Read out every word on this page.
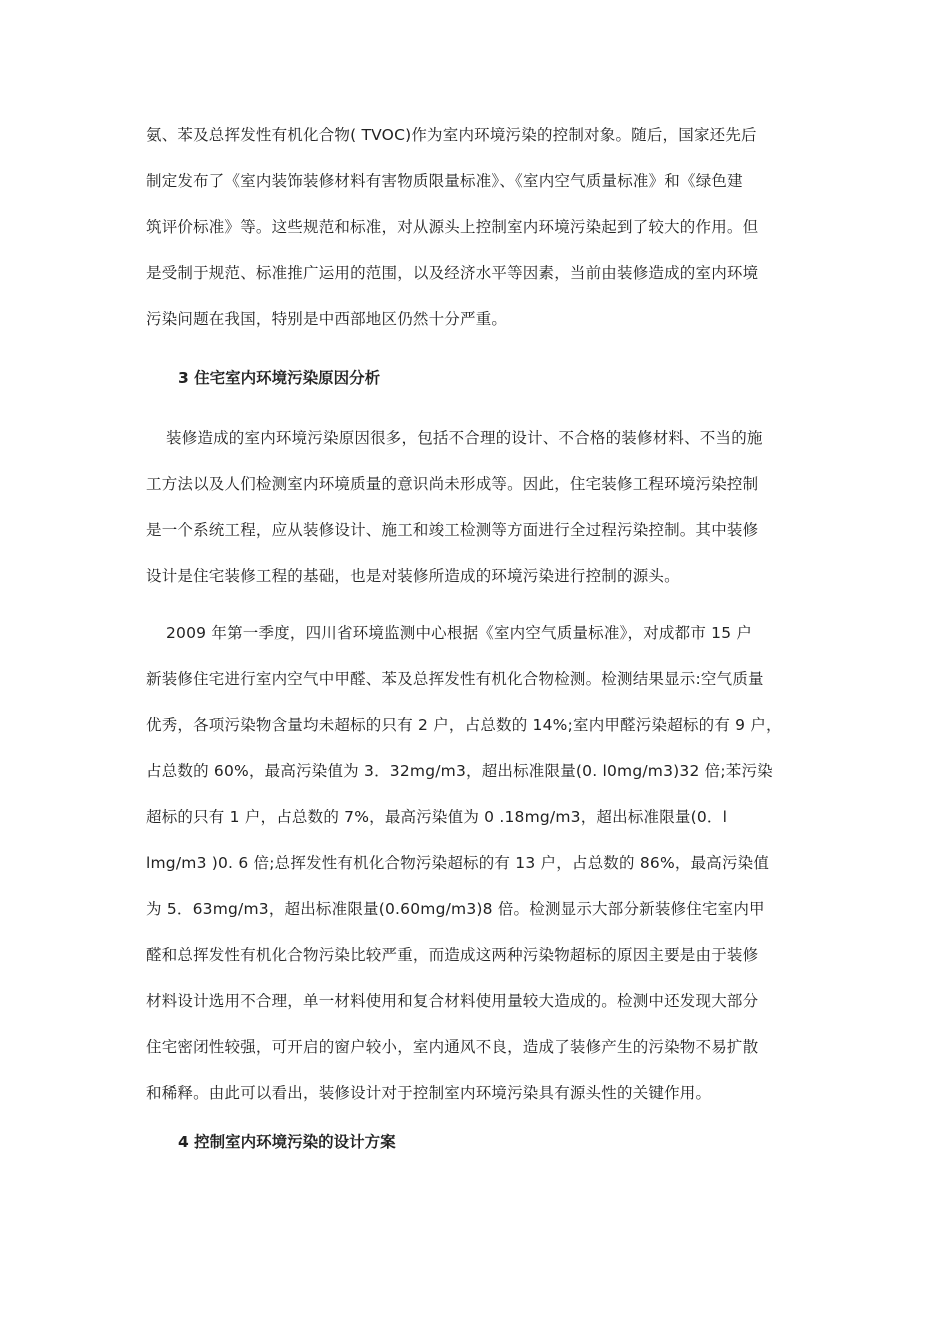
氨、苯及总挥发性有机化合物( TVOC)作为室内环境污染的控制对象。随后，国家还先后
制定发布了《室内装饰装修材料有害物质限量标准》、《室内空气质量标准》和《绿色建
筑评价标准》等。这些规范和标准，对从源头上控制室内环境污染起到了较大的作用。但
是受制于规范、标准推广运用的范围，以及经济水平等因素，当前由装修造成的室内环境
污染问题在我国，特别是中西部地区仍然十分严重。
3 住宅室内环境污染原因分析
装修造成的室内环境污染原因很多，包括不合理的设计、不合格的装修材料、不当的施
工方法以及人们检测室内环境质量的意识尚未形成等。因此，住宅装修工程环境污染控制
是一个系统工程，应从装修设计、施工和竣工检测等方面进行全过程污染控制。其中装修
设计是住宅装修工程的基础，也是对装修所造成的环境污染进行控制的源头。
2009 年第一季度，四川省环境监测中心根据《室内空气质量标准》，对成都市 15 户
新装修住宅进行室内空气中甲醛、苯及总挥发性有机化合物检测。检测结果显示:空气质量
优秀，各项污染物含量均未超标的只有 2 户，占总数的 14%;室内甲醛污染超标的有 9 户，
占总数的 60%，最高污染值为 3．32mg/m3，超出标准限量(0. l0mg/m3)32 倍;苯污染
超标的只有 1 户，占总数的 7%，最高污染值为 0 .18mg/m3，超出标准限量(0．l
lmg/m3 )0. 6 倍;总挥发性有机化合物污染超标的有 13 户，占总数的 86%，最高污染值
为 5．63mg/m3，超出标准限量(0.60mg/m3)8 倍。检测显示大部分新装修住宅室内甲
醛和总挥发性有机化合物污染比较严重，而造成这两种污染物超标的原因主要是由于装修
材料设计选用不合理，单一材料使用和复合材料使用量较大造成的。检测中还发现大部分
住宅密闭性较强，可开启的窗户较小，室内通风不良，造成了装修产生的污染物不易扩散
和稀释。由此可以看出，装修设计对于控制室内环境污染具有源头性的关键作用。
4 控制室内环境污染的设计方案
